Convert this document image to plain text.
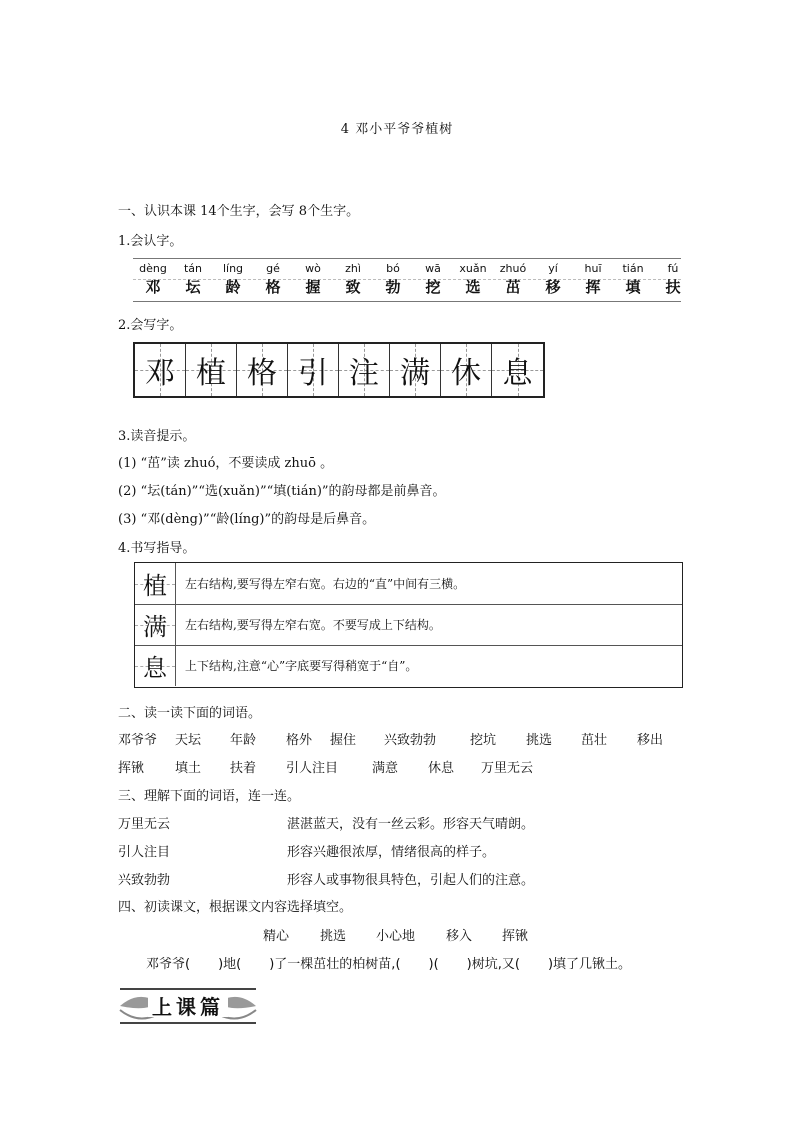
4 邓小平爷爷植树
一、认识本课 14个生字，会写 8个生字。
1.会认字。
dèng
邓
tán
坛
líng
龄
gé
格
wò
握
zhì
致
bó
勃
wā
挖
xuǎn
选
zhuó
茁
yí
移
huī
挥
tián
填
fú
扶
2.会写字。
邓 植 格 引 注 满 休 息
3.读音提示。
(1) “茁”读 zhuó，不要读成 zhuō 。
(2) “坛(tán)”“选(xuǎn)”“填(tián)”的韵母都是前鼻音。
(3) “邓(dèng)”“龄(líng)”的韵母是后鼻音。
4.书写指导。
植 左右结构,要写得左窄右宽。右边的“直”中间有三横。
满 左右结构,要写得左窄右宽。不要写成上下结构。
息 上下结构,注意“心”字底要写得稍宽于“自”。
二、读一读下面的词语。
邓爷爷 天坛 年龄 格外 握住 兴致勃勃	挖坑 挑选 茁壮 移出
挥锹 填土 扶着 引人注目	满意 休息 万里无云
三、理解下面的词语，连一连。
万里无云
引人注目
兴致勃勃
湛湛蓝天，没有一丝云彩。形容天气晴朗。
形容兴趣很浓厚，情绪很高的样子。
形容人或事物很具特色，引起人们的注意。
四、初读课文，根据课文内容选择填空。
精心 挑选 小心地 移入 挥锹
邓爷爷( )地( )了一棵茁壮的柏树苗,( )( )树坑,又( )填了几锹土。
上课篇
